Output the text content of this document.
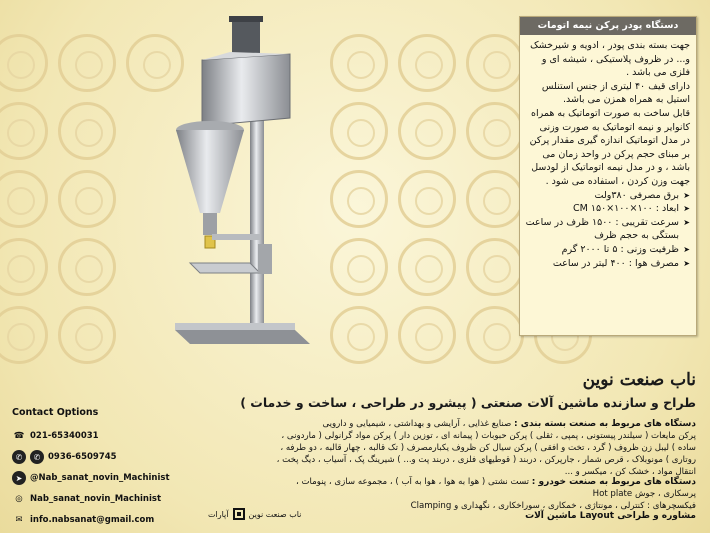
دستگاه پودر پرکن نیمه اتومات

جهت بسته بندی پودر ، ادویه و شیرخشک و... در ظروف پلاستیکی ، شیشه ای و فلزی می باشد .

دارای قیف ۴۰ لیتری از جنس استنلس استیل به همراه همزن می باشد.

قابل ساخت به صورت اتوماتیک به همراه کانوایر و نیمه اتوماتیک به صورت وزنی

در مدل اتوماتیک اندازه گیری مقدار پرکن بر مبنای حجم پرکن در واحد زمان می باشد ، و در مدل نیمه اتوماتیک از لودسل جهت وزن کردن ، استفاده می شود .

➤ برق مصرفی ۳۸۰ولت
➤ ابعاد : ۱۰۰×۱۰۰×۱۵۰ CM
➤ سرعت تقریبی : ۱۵۰۰ ظرف در ساعت بستگی به حجم ظرف
➤ ظرفیت وزنی : ۵ تا ۲۰۰۰ گرم
➤ مصرف هوا : ۴۰۰ لیتر در ساعت
ناب صنعت نوین
طراح و سازنده ماشین آلات صنعتی ( پیشرو در طراحی ، ساخت و خدمات )
Contact Options
☎ 021-65340031
✆	✆ 0936-6509745
➤ @Nab_sanat_novin_Machinist
◎ Nab_sanat_novin_Machinist
✉ info.nabsanat@gmail.com
دستگاه های مربوط به صنعت بسته بندی : صنایع غذایی ، آرایشی و بهداشتی ، شیمیایی و دارویی
پرکن مایعات ( سیلندر پیستونی ، پمپی ، ثقلی ) پرکن حبوبات ( پیمانه ای ، توزین دار ) پرکن مواد گرانولی ( ماردونی ، ساده ) لیبل زن ظروف ( گرد ، تخت و افقی ) پرکن سیال کن ظروف یکبارمصرف ( تک قالبه ، چهار قالبه ، دو طرفه ، روتاری ) مونوبلاک ، قرص شمار ، جارپرکن ، دربند ( قوطیهای فلزی ، دربند پت و... ) شیرینگ پک ، آسیاب ، دیگ پخت ، انتقال مواد ، خشک کن ، میکسر و ...
دستگاه های مربوط به صنعت خودرو : تست نشتی ( هوا به هوا ، هوا به آب ) ، مجموعه سازی ، پنومات ، پرسکاری ، جوش Hot plate
فیکسچرهای : کنترلی ، مونتاژی ، خمکاری ، سوراخکاری ، نگهداری و Clamping
مشاوره و طراحی Layout ماشین آلات
ناب صنعت نوین
آپارات
